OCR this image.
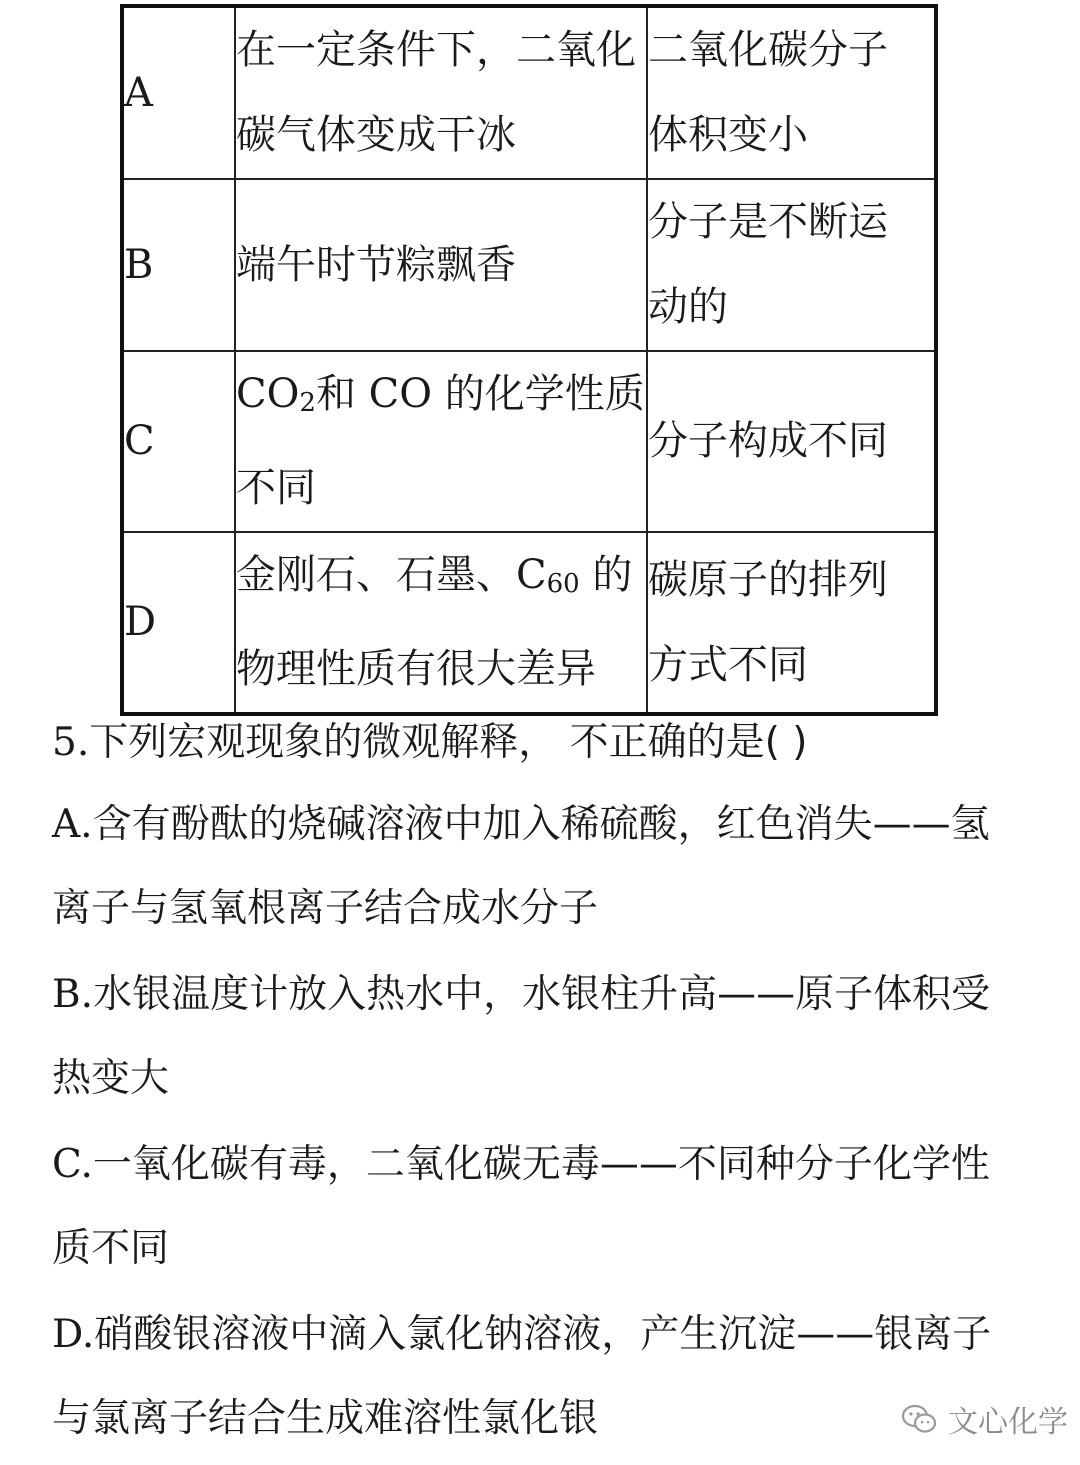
A	在一定条件下，二氧化
碳气体变成干冰	二氧化碳分子
体积变小

B	端午时节粽飘香	分子是不断运
动的

C	CO2和 CO 的化学性质
不同	分子构成不同

D	金刚石、石墨、C60 的
物理性质有很大差异	碳原子的排列
方式不同
5.下列宏观现象的微观解释， 不正确的是( )
A.含有酚酞的烧碱溶液中加入稀硫酸，红色消失——氢
离子与氢氧根离子结合成水分子
B.水银温度计放入热水中，水银柱升高——原子体积受
热变大
C.一氧化碳有毒，二氧化碳无毒——不同种分子化学性
质不同
D.硝酸银溶液中滴入氯化钠溶液，产生沉淀——银离子
与氯离子结合生成难溶性氯化银	文心化学
